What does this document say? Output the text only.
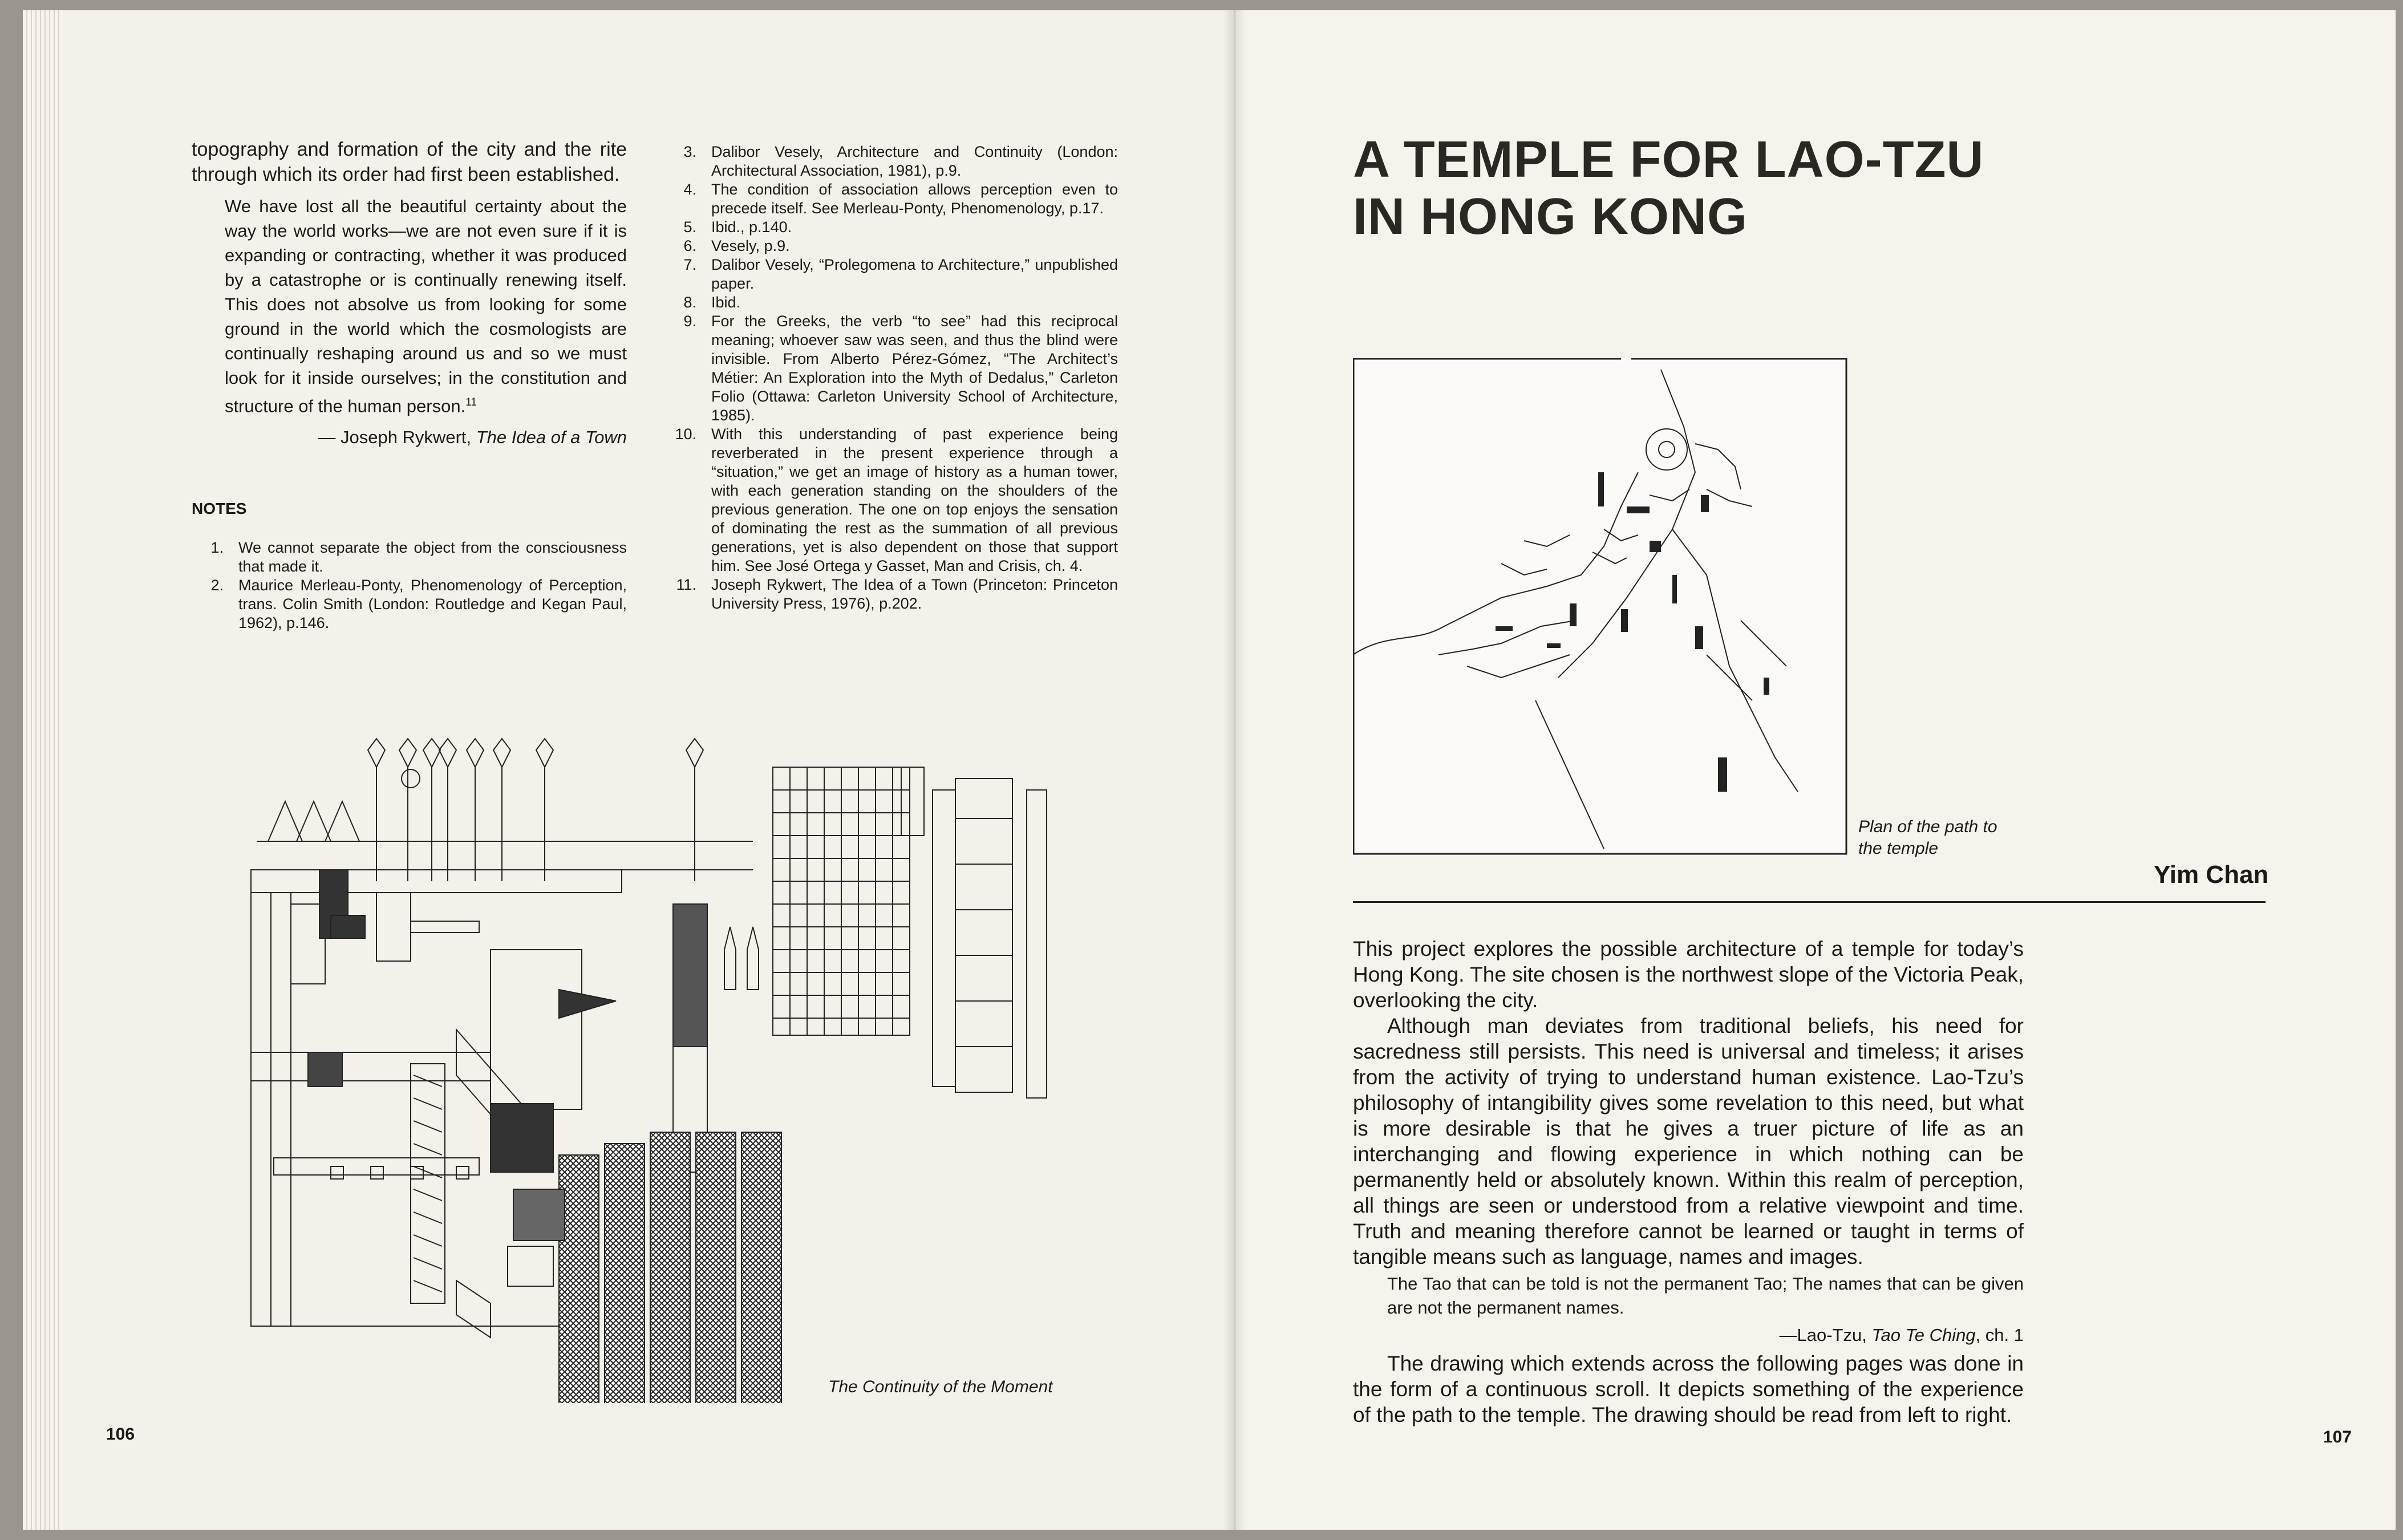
topography and formation of the city and the rite through which its order had first been established.

We have lost all the beautiful certainty about the way the world works—we are not even sure if it is expanding or contracting, whether it was produced by a catastrophe or is continually renewing itself. This does not absolve us from looking for some ground in the world which the cosmologists are continually reshaping around us and so we must look for it inside ourselves; in the constitution and structure of the human person.$^{11}$

— Joseph Rykwert, The Idea of a Town

NOTES

1. We cannot separate the object from the consciousness that made it.
2. Maurice Merleau-Ponty, Phenomenology of Perception, trans. Colin Smith (London: Routledge and Kegan Paul, 1962), p.146.
3. Dalibor Vesely, Architecture and Continuity (London: Architectural Association, 1981), p.9.
4. The condition of association allows perception even to precede itself. See Merleau-Ponty, Phenomenology, p.17.
5. Ibid., p.140.
6. Vesely, p.9.
7. Dalibor Vesely, “Prolegomena to Architecture,” unpublished paper.
8. Ibid.
9. For the Greeks, the verb “to see” had this reciprocal meaning; whoever saw was seen, and thus the blind were invisible. From Alberto Pérez-Gómez, “The Architect’s Métier: An Exploration into the Myth of Dedalus,” Carleton Folio (Ottawa: Carleton University School of Architecture, 1985).
10. With this understanding of past experience being reverberated in the present experience through a “situation,” we get an image of history as a human tower, with each generation standing on the shoulders of the previous generation. The one on top enjoys the sensation of dominating the rest as the summation of all previous generations, yet is also dependent on those that support him. See José Ortega y Gasset, Man and Crisis, ch. 4.
11. Joseph Rykwert, The Idea of a Town (Princeton: Princeton University Press, 1976), p.202.
The Continuity of the Moment
106

A TEMPLE FOR LAO-TZU

IN HONG KONG

Plan of the path to the temple
Yim Chan

This project explores the possible architecture of a temple for today’s Hong Kong. The site chosen is the northwest slope of the Victoria Peak, overlooking the city.

Although man deviates from traditional beliefs, his need for sacredness still persists. This need is universal and timeless; it arises from the activity of trying to understand human existence. Lao-Tzu’s philosophy of intangibility gives some revelation to this need, but what is more desirable is that he gives a truer picture of life as an interchanging and flowing experience in which nothing can be permanently held or absolutely known. Within this realm of perception, all things are seen or understood from a relative viewpoint and time. Truth and meaning therefore cannot be learned or taught in terms of tangible means such as language, names and images.

The Tao that can be told is not the permanent Tao; The names that can be given are not the permanent names.

—Lao-Tzu, Tao Te Ching, ch. 1

The drawing which extends across the following pages was done in the form of a continuous scroll. It depicts something of the experience of the path to the temple. The drawing should be read from left to right.

107
